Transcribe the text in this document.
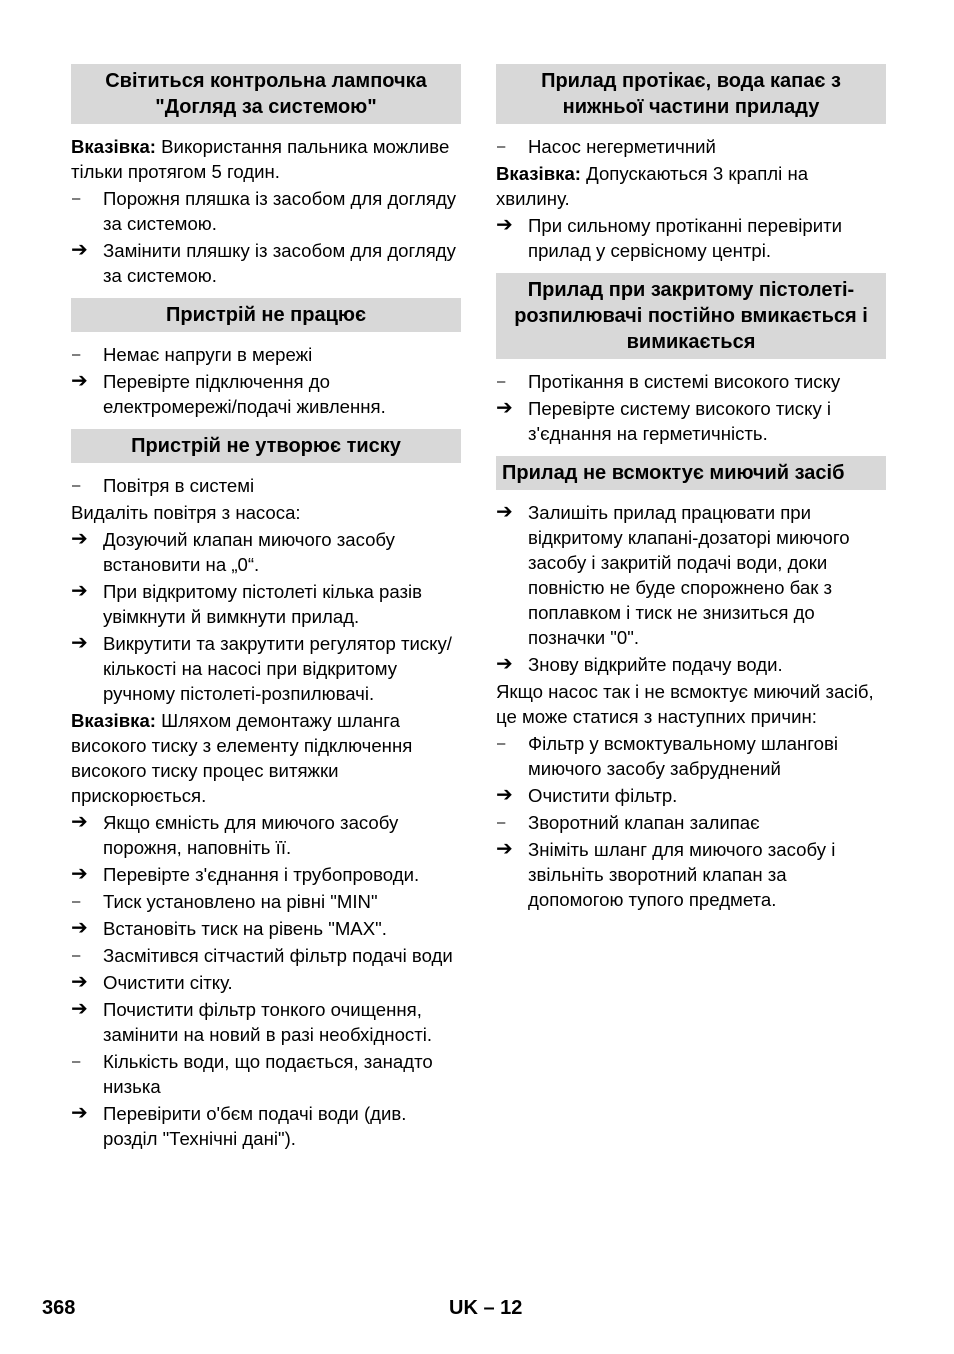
Світиться контрольна лампочка "Догляд за системою"
Вказівка: Використання пальника можливе тільки протягом 5 годин.
–	Порожня пляшка із засобом для догляду за системою.
➔ Замінити пляшку із засобом для догляду за системою.
Пристрій не працює
–	Немає напруги в мережі
➔ Перевірте підключення до електромережі/подачі живлення.
Пристрій не утворює тиску
–	Повітря в системі
Видаліть повітря з насоса:
➔ Дозуючий клапан миючого засобу встановити на „0“.
➔ При відкритому пістолеті кілька разів увімкнути й вимкнути прилад.
➔ Викрутити та закрутити регулятор тиску/кількості на насосі при відкритому ручному пістолеті-розпилювачі.
Вказівка: Шляхом демонтажу шланга високого тиску з елементу підключення високого тиску процес витяжки прискорюється.
➔ Якщо ємність для миючого засобу порожня, наповніть її.
➔ Перевірте з'єднання і трубопроводи.
–	Тиск установлено на рівні "MIN"
➔ Встановіть тиск на рівень "MAX".
–	Засмітився сітчастий фільтр подачі води
➔ Очистити сітку.
➔ Почистити фільтр тонкого очищення, замінити на новий в разі необхідності.
–	Кількість води, що подається, занадто низька
➔ Перевірити о'бєм подачі води (див. розділ "Технічні дані").
Прилад протікає, вода капає з нижньої частини приладу
–	Насос негерметичний
Вказівка: Допускаються 3 краплі на хвилину.
➔ При сильному протіканні перевірити прилад у сервісному центрі.
Прилад при закритому пістолеті-розпилювачі постійно вмикається і вимикається
–	Протікання в системі високого тиску
➔ Перевірте систему високого тиску і з'єднання на герметичність.
Прилад не всмоктує миючий засіб
➔ Залишіть прилад працювати при відкритому клапані-дозаторі миючого засобу і закритій подачі води, доки повністю не буде спорожнено бак з поплавком і тиск не знизиться до позначки "0".
➔ Знову відкрийте подачу води.
Якщо насос так і не всмоктує миючий засіб, це може статися з наступних причин:
–	Фільтр у всмоктувальному шлангові миючого засобу забруднений
➔ Очистити фільтр.
–	Зворотний клапан залипає
➔ Зніміть шланг для миючого засобу і звільніть зворотний клапан за допомогою тупого предмета.
368	UK – 12
